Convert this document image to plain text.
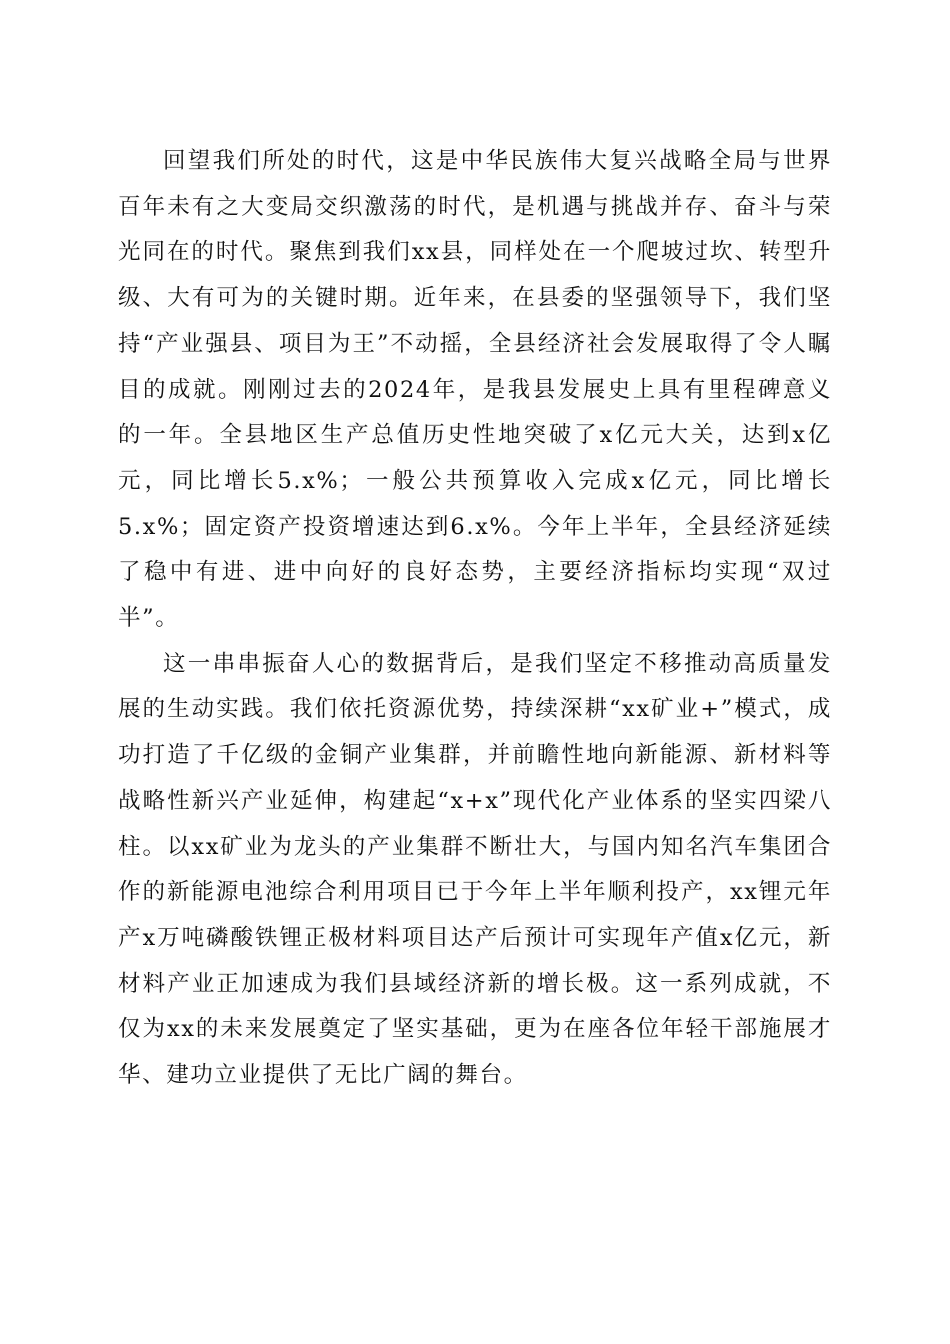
回望我们所处的时代，这是中华民族伟大复兴战略全局与世界百年未有之大变局交织激荡的时代，是机遇与挑战并存、奋斗与荣光同在的时代。聚焦到我们xx县，同样处在一个爬坡过坎、转型升级、大有可为的关键时期。近年来，在县委的坚强领导下，我们坚持“产业强县、项目为王”不动摇，全县经济社会发展取得了令人瞩目的成就。刚刚过去的2024年，是我县发展史上具有里程碑意义的一年。全县地区生产总值历史性地突破了x亿元大关，达到x亿元，同比增长5.x%；一般公共预算收入完成x亿元，同比增长5.x%；固定资产投资增速达到6.x%。今年上半年，全县经济延续了稳中有进、进中向好的良好态势，主要经济指标均实现“双过半”。

这一串串振奋人心的数据背后，是我们坚定不移推动高质量发展的生动实践。我们依托资源优势，持续深耕“xx矿业+”模式，成功打造了千亿级的金铜产业集群，并前瞻性地向新能源、新材料等战略性新兴产业延伸，构建起“x+x”现代化产业体系的坚实四梁八柱。以xx矿业为龙头的产业集群不断壮大，与国内知名汽车集团合作的新能源电池综合利用项目已于今年上半年顺利投产，xx锂元年产x万吨磷酸铁锂正极材料项目达产后预计可实现年产值x亿元，新材料产业正加速成为我们县域经济新的增长极。这一系列成就，不仅为xx的未来发展奠定了坚实基础，更为在座各位年轻干部施展才华、建功立业提供了无比广阔的舞台。
